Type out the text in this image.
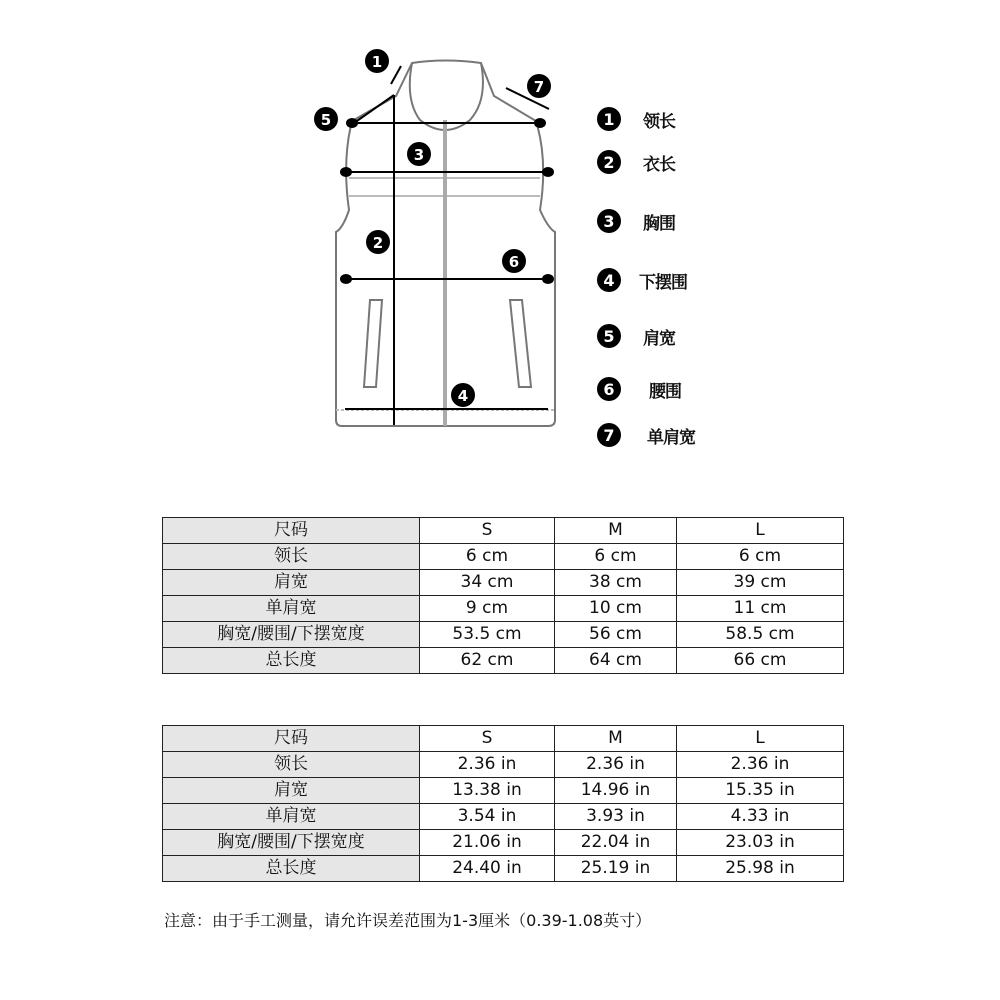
1
7
5
3
2
6
4
1	领长
2	衣长
3	胸围
4	下摆围
5	肩宽
6	腰围
7	单肩宽
尺码	S	M	L
领长	6 cm	6 cm	6 cm
肩宽	34 cm	38 cm	39 cm
单肩宽	9 cm	10 cm	11 cm
胸宽/腰围/下摆宽度	53.5 cm	56 cm	58.5 cm
总长度	62 cm	64 cm	66 cm
尺码	S	M	L
领长	2.36 in	2.36 in	2.36 in
肩宽	13.38 in	14.96 in	15.35 in
单肩宽	3.54 in	3.93 in	4.33 in
胸宽/腰围/下摆宽度	21.06 in	22.04 in	23.03 in
总长度	24.40 in	25.19 in	25.98 in
注意：由于手工测量，请允许误差范围为1-3厘米（0.39-1.08英寸）
